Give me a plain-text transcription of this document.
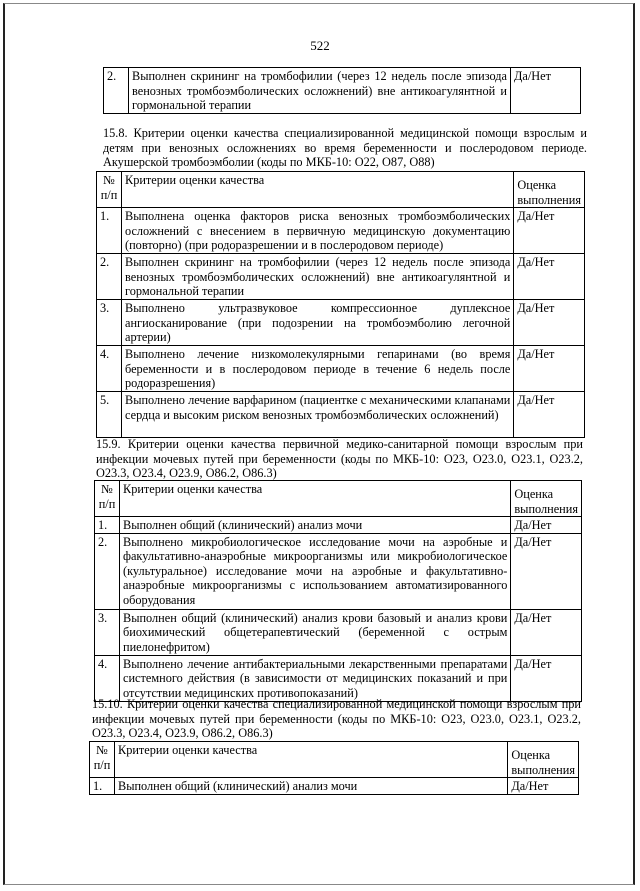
522
2.	Выполнен скрининг на тромбофилии (через 12 недель после эпизода венозных тромбоэмболических осложнений) вне антикоагулянтной и гормональной терапии	Да/Нет
15.8. Критерии оценки качества специализированной медицинской помощи взрослым и детям при венозных осложнениях во время беременности и послеродовом периоде. Акушерской тромбоэмболии (коды по МКБ-10: O22, O87, O88)
№ п/п	Критерии оценки качества	Оценка выполнения

1.	Выполнена оценка факторов риска венозных тромбоэмболических осложнений с внесением в первичную медицинскую документацию (повторно) (при родоразрешении и в послеродовом периоде)	Да/Нет
2.	Выполнен скрининг на тромбофилии (через 12 недель после эпизода венозных тромбоэмболических осложнений) вне антикоагулянтной и гормональной терапии	Да/Нет
3.	Выполнено ультразвуковое компрессионное дуплексное ангиосканирование (при подозрении на тромбоэмболию легочной артерии)	Да/Нет
4.	Выполнено лечение низкомолекулярными гепаринами (во время беременности и в послеродовом периоде в течение 6 недель после родоразрешения)	Да/Нет
5.	Выполнено лечение варфарином (пациентке с механическими клапанами сердца и высоким риском венозных тромбоэмболических осложнений)	Да/Нет
15.9. Критерии оценки качества первичной медико-санитарной помощи взрослым при инфекции мочевых путей при беременности (коды по МКБ-10: O23, O23.0, O23.1, O23.2, O23.3, O23.4, O23.9, O86.2, O86.3)
№ п/п	Критерии оценки качества	Оценка выполнения

1.	Выполнен общий (клинический) анализ мочи	Да/Нет
2.	Выполнено микробиологическое исследование мочи на аэробные и факультативно-анаэробные микроорганизмы или микробиологическое (культуральное) исследование мочи на аэробные и факультативно-анаэробные микроорганизмы с использованием автоматизированного оборудования	Да/Нет
3.	Выполнен общий (клинический) анализ крови базовый и анализ крови биохимический общетерапевтический (беременной с острым пиелонефритом)	Да/Нет
4.	Выполнено лечение антибактериальными лекарственными препаратами системного действия (в зависимости от медицинских показаний и при отсутствии медицинских противопоказаний)	Да/Нет
15.10. Критерии оценки качества специализированной медицинской помощи взрослым при инфекции мочевых путей при беременности (коды по МКБ-10: O23, O23.0, O23.1, O23.2, O23.3, O23.4, O23.9, O86.2, O86.3)
№ п/п	Критерии оценки качества	Оценка выполнения

1.	Выполнен общий (клинический) анализ мочи	Да/Нет
